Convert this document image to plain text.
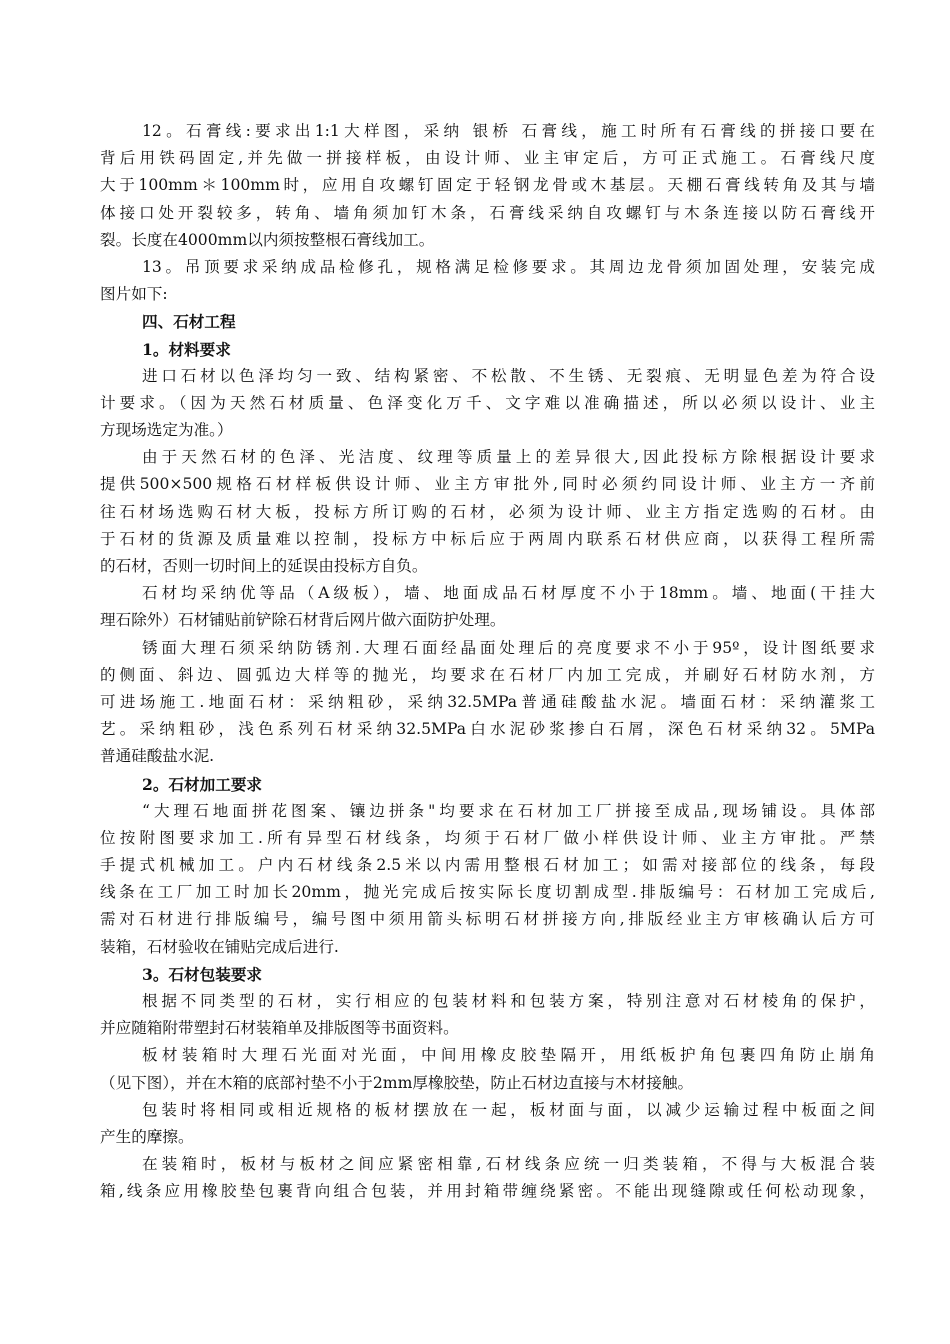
12。石膏线:要求出1:1大样图，采纳 银桥 石膏线，施工时所有石膏线的拼接口要在
背后用铁码固定,并先做一拼接样板，由设计师、业主审定后，方可正式施工。石膏线尺度
大于100mm＊100mm时，应用自攻螺钉固定于轻钢龙骨或木基层。天棚石膏线转角及其与墙
体接口处开裂较多，转角、墙角须加钉木条，石膏线采纳自攻螺钉与木条连接以防石膏线开
裂。长度在4000mm以内须按整根石膏线加工。
13。吊顶要求采纳成品检修孔，规格满足检修要求。其周边龙骨须加固处理，安装完成
图片如下:
四、石材工程
1。材料要求
进口石材以色泽均匀一致、结构紧密、不松散、不生锈、无裂痕、无明显色差为符合设
计要求。（因为天然石材质量、色泽变化万千、文字难以准确描述，所以必须以设计、业主
方现场选定为准。）
由于天然石材的色泽、光洁度、纹理等质量上的差异很大,因此投标方除根据设计要求
提供500×500规格石材样板供设计师、业主方审批外,同时必须约同设计师、业主方一齐前
往石材场选购石材大板，投标方所订购的石材，必须为设计师、业主方指定选购的石材。由
于石材的货源及质量难以控制，投标方中标后应于两周内联系石材供应商，以获得工程所需
的石材，否则一切时间上的延误由投标方自负。
石材均采纳优等品（A级板），墙、地面成品石材厚度不小于18mm。墙、地面(干挂大
理石除外）石材铺贴前铲除石材背后网片做六面防护处理。
锈面大理石须采纳防锈剂.大理石面经晶面处理后的亮度要求不小于95º，设计图纸要求
的侧面、斜边、圆弧边大样等的抛光，均要求在石材厂内加工完成，并刷好石材防水剂，方
可进场施工.地面石材：采纳粗砂，采纳32.5MPa普通硅酸盐水泥。墙面石材：采纳灌浆工
艺。采纳粗砂，浅色系列石材采纳32.5MPa白水泥砂浆掺白石屑，深色石材采纳32。5MPa
普通硅酸盐水泥.
2。石材加工要求
“大理石地面拼花图案、镶边拼条"均要求在石材加工厂拼接至成品,现场铺设。具体部
位按附图要求加工.所有异型石材线条，均须于石材厂做小样供设计师、业主方审批。严禁
手提式机械加工。户内石材线条2.5米以内需用整根石材加工；如需对接部位的线条，每段
线条在工厂加工时加长20mm，抛光完成后按实际长度切割成型.排版编号：石材加工完成后,
需对石材进行排版编号，编号图中须用箭头标明石材拼接方向,排版经业主方审核确认后方可
装箱，石材验收在铺贴完成后进行.
3。石材包装要求
根据不同类型的石材，实行相应的包装材料和包装方案，特别注意对石材棱角的保护，
并应随箱附带塑封石材装箱单及排版图等书面资料。
板材装箱时大理石光面对光面，中间用橡皮胶垫隔开，用纸板护角包裹四角防止崩角
（见下图），并在木箱的底部衬垫不小于2mm厚橡胶垫，防止石材边直接与木材接触。
包装时将相同或相近规格的板材摆放在一起，板材面与面，以减少运输过程中板面之间
产生的摩擦。
在装箱时，板材与板材之间应紧密相靠,石材线条应统一归类装箱，不得与大板混合装
箱,线条应用橡胶垫包裹背向组合包装，并用封箱带缠绕紧密。不能出现缝隙或任何松动现象，
